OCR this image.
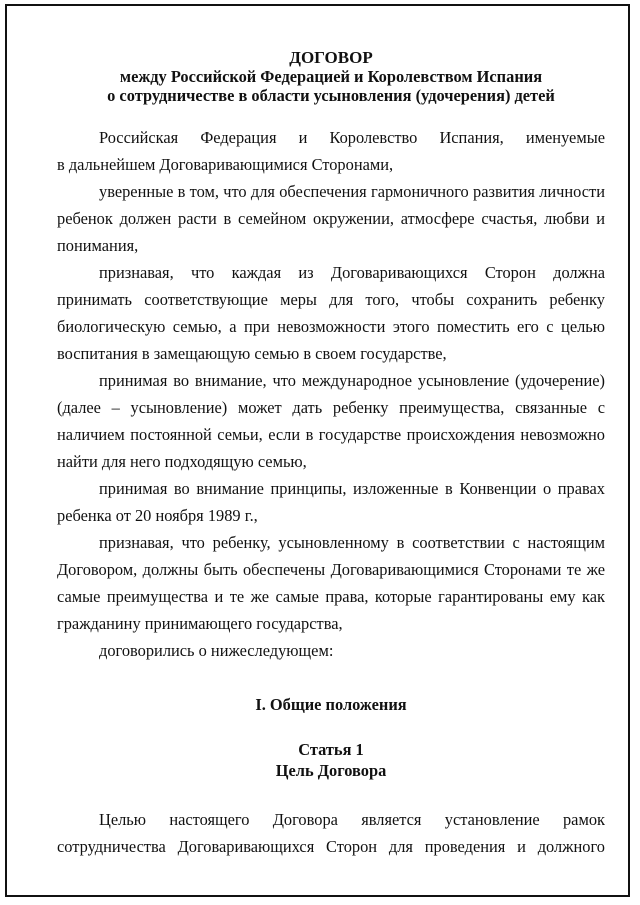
ДОГОВОР
между Российской Федерацией и Королевством Испания
о сотрудничестве в области усыновления (удочерения) детей

Российская Федерация и Королевство Испания, именуемые

в дальнейшем Договаривающимися Сторонами,

уверенные в том, что для обеспечения гармоничного развития личности ребенок должен расти в семейном окружении, атмосфере счастья, любви и понимания,

признавая, что каждая из Договаривающихся Сторон должна принимать соответствующие меры для того, чтобы сохранить ребенку биологическую семью, а при невозможности этого поместить его с целью воспитания в замещающую семью в своем государстве,

принимая во внимание, что международное усыновление (удочерение) (далее – усыновление) может дать ребенку преимущества, связанные с наличием постоянной семьи, если в государстве происхождения невозможно найти для него подходящую семью,

принимая во внимание принципы, изложенные в Конвенции о правах ребенка от 20 ноября 1989 г.,

признавая, что ребенку, усыновленному в соответствии с настоящим Договором, должны быть обеспечены Договаривающимися Сторонами те же самые преимущества и те же самые права, которые гарантированы ему как гражданину принимающего государства,

договорились о нижеследующем:

I. Общие положения
Статья 1
Цель Договора

Целью настоящего Договора является установление рамок сотрудничества Договаривающихся Сторон для проведения и должного
